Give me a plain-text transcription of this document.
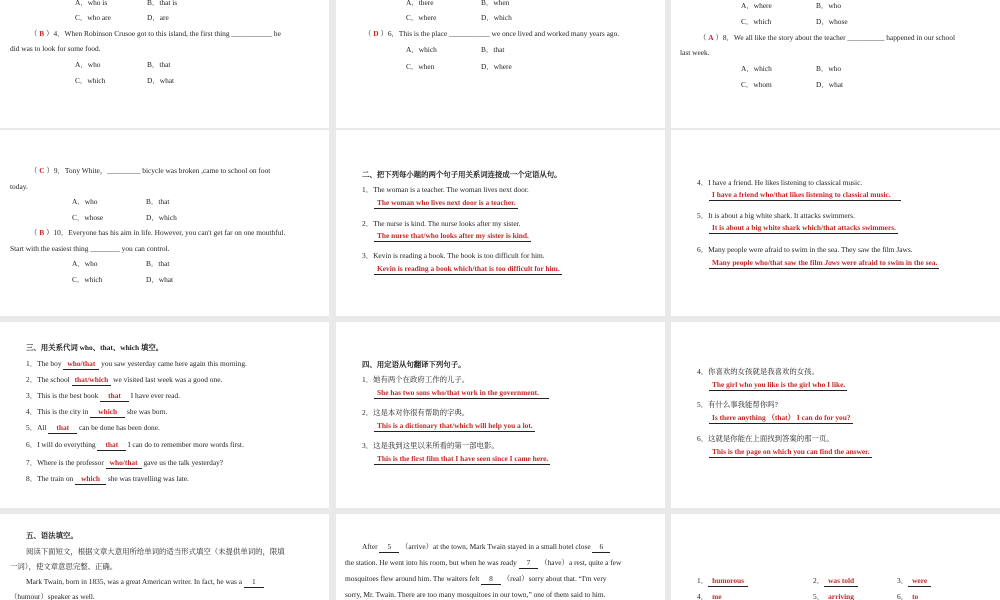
A．who is	B．that is
C．who are	D．are
（ B ）4．When Robinson Crusoe got to this island, the first thing ___________ he
did was to look for some food.
A．who	B．that
C．which	D．what
A．there	B．when
C．where	D．which
（ D ）6．This is the place ___________ we once lived and worked many years ago.
A．which	B．that
C．when	D．where
A．where	B．who
C．which	D．whose
（ A ）8．We all like the story about the teacher __________ happened in our school
last week.
A．which	B．who
C．whom	D．what
（ C ）9．Tony White，_________ bicycle was broken ,came to school on foot
today.
A．who	B．that
C．whose	D．which
（ B ）10．Everyone has his aim in life. However, you can't get far on one mouthful.
Start with the easiest thing ________ you can control.
A．who	B．that
C．which	D．what
二、把下列每小题的两个句子用关系词连接成一个定语从句。
1．The woman is a teacher. The woman lives next door.
The woman who lives next door is a teacher.
2．The nurse is kind. The nurse looks after my sister.
The nurse that/who looks after my sister is kind.
3．Kevin is reading a book. The book is too difficult for him.
Kevin is reading a book which/that is too difficult for him.
4．I have a friend. He likes listening to classical music.
I have a friend who/that likes listening to classical music.
5．It is about a big white shark. It attacks swimmers.
It is about a big white shark which/that attacks swimmers.
6．Many people were afraid to swim in the sea. They saw the film Jaws.
Many people who/that saw the film Jaws were afraid to swim in the sea.
三、用关系代词 who、that、which 填空。
1．The boy who/that you saw yesterday came here again this morning.
2．The school that/which we visited last week was a good one.
3．This is the best book that I have ever read.
4．This is the city in which she was born.
5．All that can be done has been done.
6．I will do everything that I can do to remember more words first.
7．Where is the professor who/that gave us the talk yesterday?
8．The train on which she was travelling was late.
四、用定语从句翻译下列句子。
1．她有两个在政府工作的儿子。
She has two sons who/that work in the government.
2．这是本对你很有帮助的字典。
This is a dictionary that/which will help you a lot.
3．这是我到这里以来所看的第一部电影。
This is the first film that I have seen since I came here.
4．你喜欢的女孩就是我喜欢的女孩。
The girl who you like is the girl who I like.
5．有什么事我能帮你吗?
Is there anything （that） I can do for you?
6．这就是你能在上面找到答案的那一页。
This is the page on which you can find the answer.
五、语法填空。
阅读下面短文，根据文章大意用所给单词的适当形式填空（未提供单词的，限填
一词），使文章意思完整、正确。
Mark Twain, born in 1835, was a great American writer. In fact, he was a 1
（humour）speaker as well.
After 5 （arrive）at the town, Mark Twain stayed in a small hotel close 6
the station. He went into his room, but when he was ready 7 （have）a rest, quite a few
mosquitoes flew around him. The waiters felt 8 （real）sorry about that. “I'm very
sorry, Mr. Twain. There are too many mosquitoes in our town,” one of them said to him.
1． humorous	2． was told	3． were
4． me	5． arriving	6． to
